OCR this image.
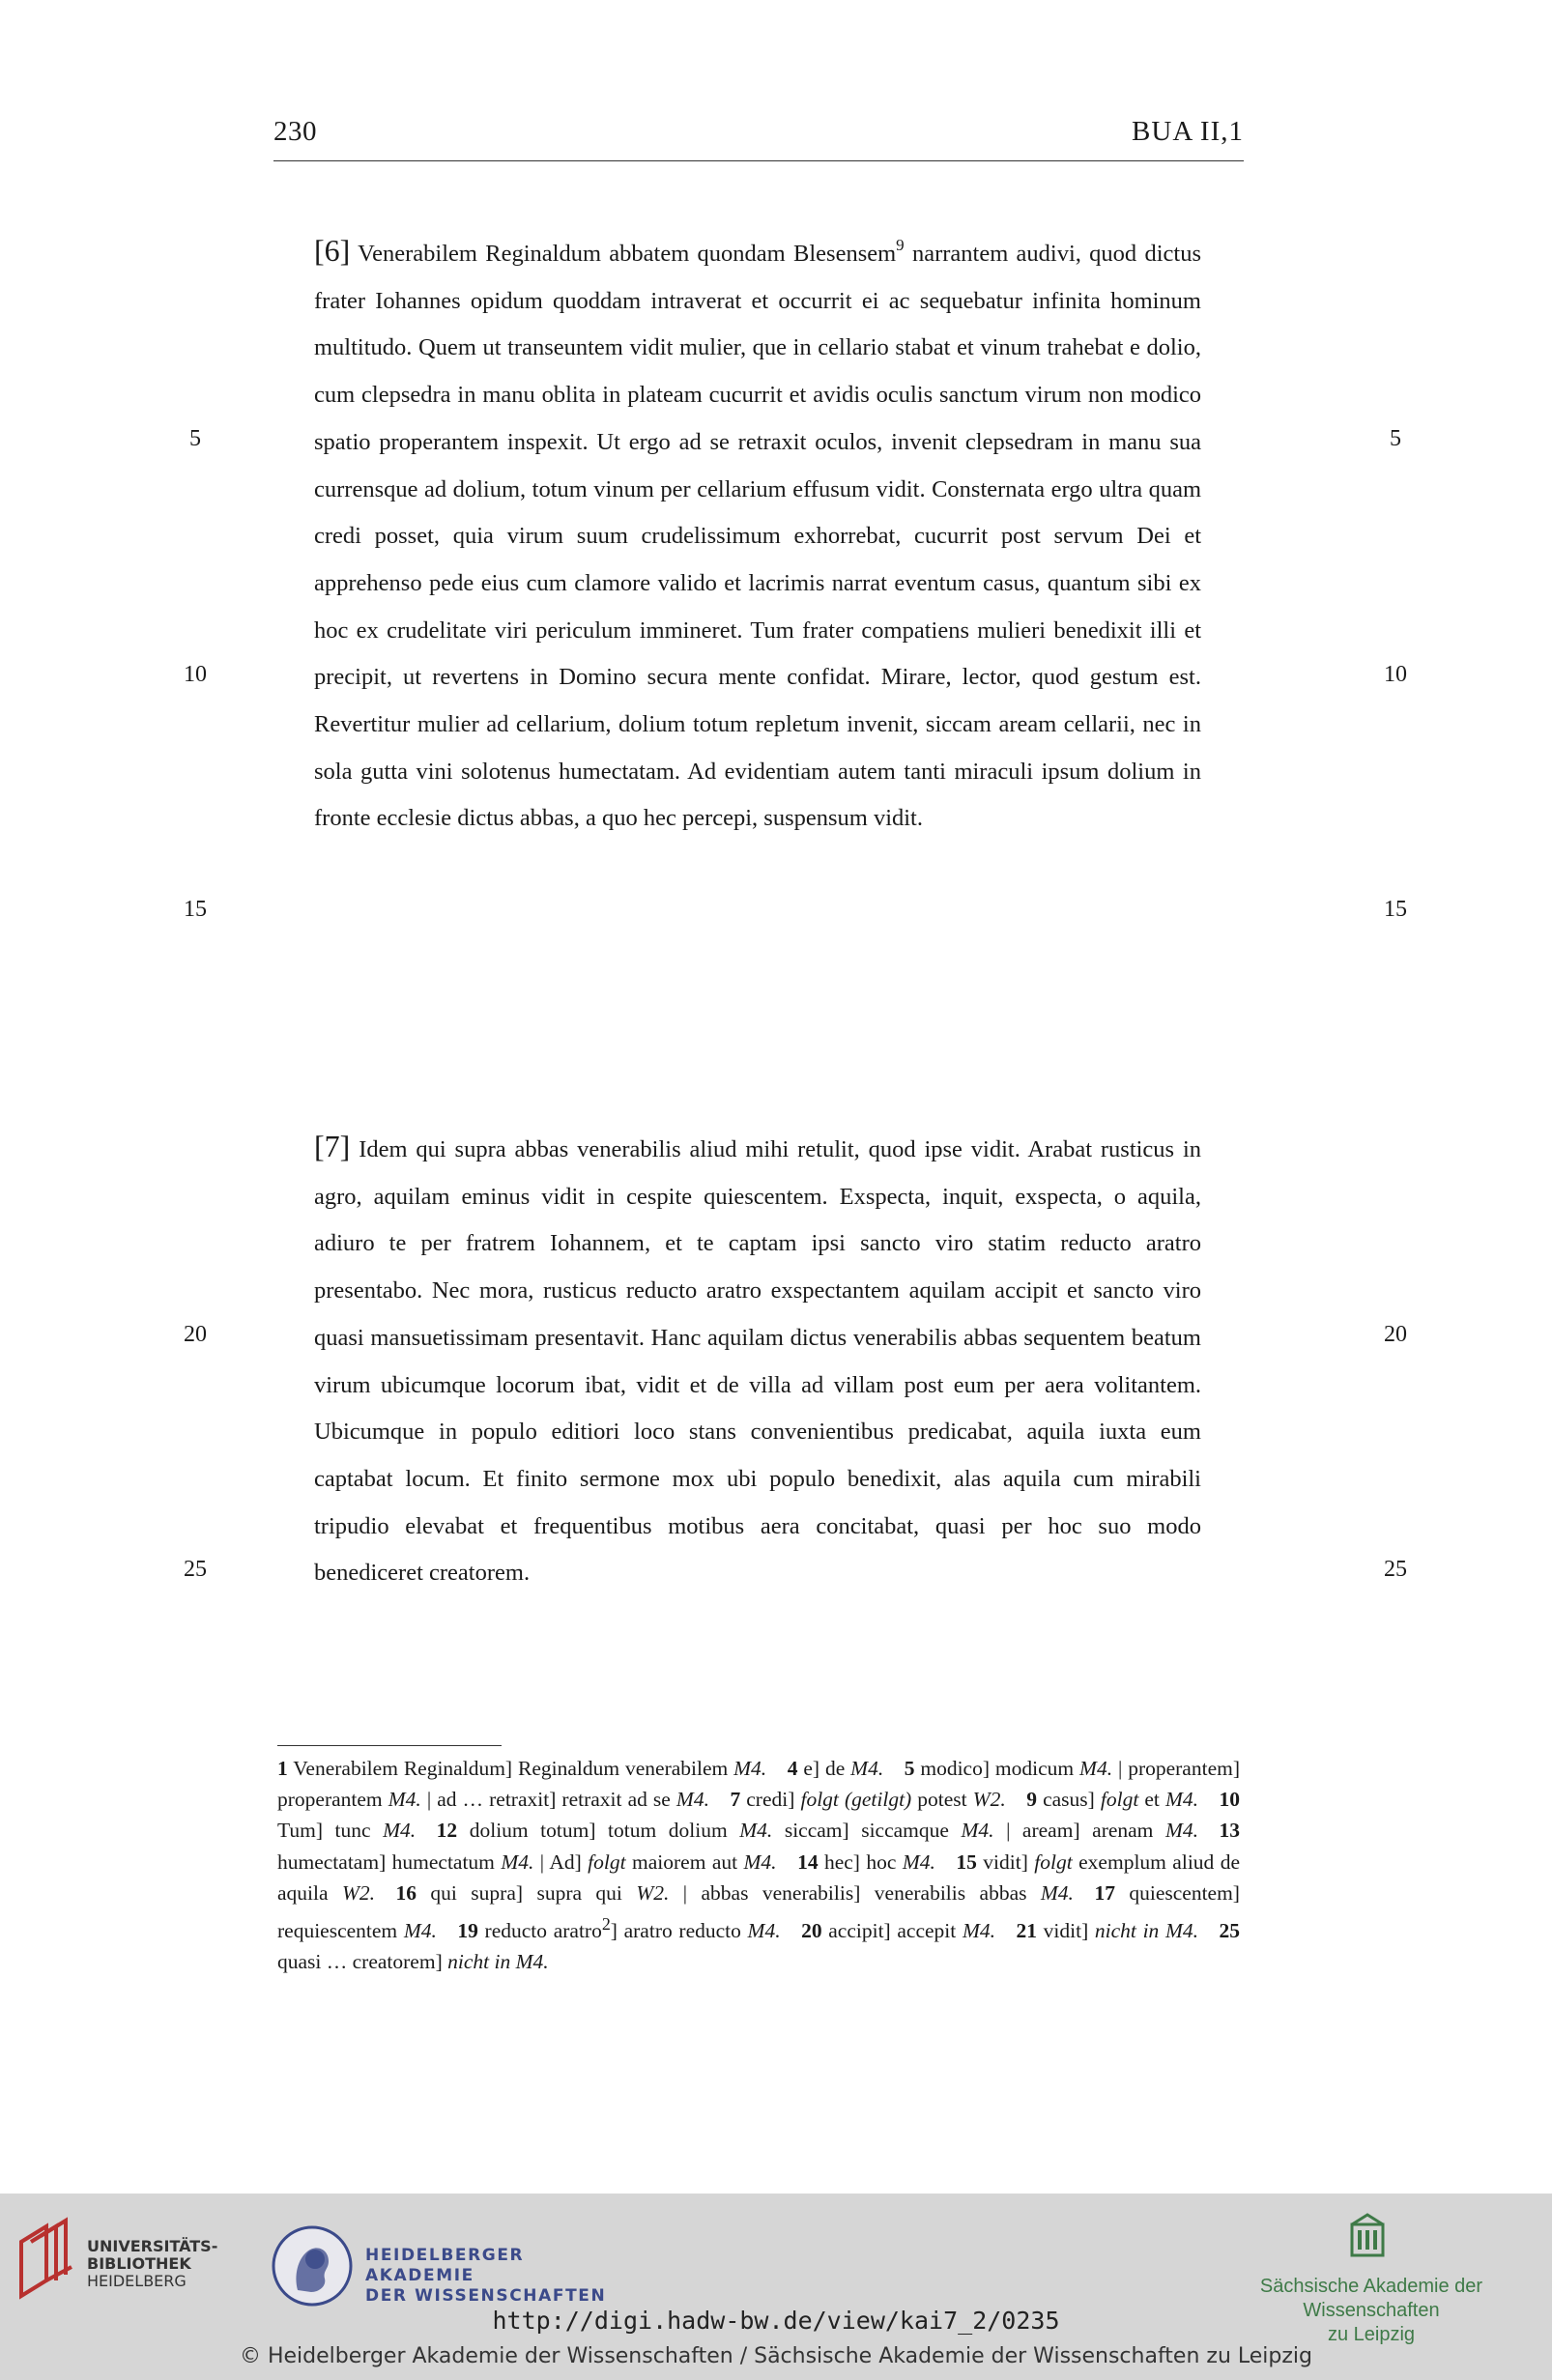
230	BUA II,1
5	5
10	10
15	15
20	20
25	25

[6] Venerabilem Reginaldum abbatem quondam Blesensem$^9$ narrantem audivi, quod dictus frater Iohannes opidum quoddam intraverat et occurrit ei ac sequebatur infinita hominum multitudo. Quem ut transeuntem vidit mulier, que in cellario stabat et vinum trahebat e dolio, cum clepsedra in manu oblita in plateam cucurrit et avidis oculis sanctum virum non modico spatio properantem inspexit. Ut ergo ad se retraxit oculos, invenit clepsedram in manu sua currensque ad dolium, totum vinum per cellarium effusum vidit. Consternata ergo ultra quam credi posset, quia virum suum crudelissimum exhorrebat, cucurrit post servum Dei et apprehenso pede eius cum clamore valido et lacrimis narrat eventum casus, quantum sibi ex hoc ex crudelitate viri periculum immineret. Tum frater compatiens mulieri benedixit illi et precipit, ut revertens in Domino secura mente confidat. Mirare, lector, quod gestum est. Revertitur mulier ad cellarium, dolium totum repletum invenit, siccam aream cellarii, nec in sola gutta vini solotenus humectatam. Ad evidentiam autem tanti miraculi ipsum dolium in fronte ecclesie dictus abbas, a quo hec percepi, suspensum vidit.

[7] Idem qui supra abbas venerabilis aliud mihi retulit, quod ipse vidit. Arabat rusticus in agro, aquilam eminus vidit in cespite quiescentem. Exspecta, inquit, exspecta, o aquila, adiuro te per fratrem Iohannem, et te captam ipsi sancto viro statim reducto aratro presentabo. Nec mora, rusticus reducto aratro exspectantem aquilam accipit et sancto viro quasi mansuetissimam presentavit. Hanc aquilam dictus venerabilis abbas sequentem beatum virum ubicumque locorum ibat, vidit et de villa ad villam post eum per aera volitantem. Ubicumque in populo editiori loco stans convenientibus predicabat, aquila iuxta eum captabat locum. Et finito sermone mox ubi populo benedixit, alas aquila cum mirabili tripudio elevabat et frequentibus motibus aera concitabat, quasi per hoc suo modo benediceret creatorem.

1 Venerabilem Reginaldum] Reginaldum venerabilem M4.  4 e] de M4.  5 modico] modicum M4. | properantem] properantem M4. | ad … retraxit] retraxit ad se M4.  7 credi] folgt (getilgt) potest W2.  9 casus] folgt et M4.  10 Tum] tunc M4.  12 dolium totum] totum dolium M4. siccam] siccamque M4. | aream] arenam M4.  13 humectatam] humectatum M4. | Ad] folgt maiorem aut M4.  14 hec] hoc M4.  15 vidit] folgt exemplum aliud de aquila W2.  16 qui supra] supra qui W2. | abbas venerabilis] venerabilis abbas M4.  17 quiescentem] requiescentem M4.  19 reducto aratro$^2$] aratro reducto M4.  20 accipit] accepit M4.  21 vidit] nicht in M4.  25 quasi … creatorem] nicht in M4.

UNIVERSITÄTS-
BIBLIOTHEK
HEIDELBERG
HEIDELBERGER AKADEMIE
DER WISSENSCHAFTEN	Sächsische Akademie der Wissenschaften
zu Leipzig
http://digi.hadw-bw.de/view/kai7_2/0235
© Heidelberger Akademie der Wissenschaften / Sächsische Akademie der Wissenschaften zu Leipzig
